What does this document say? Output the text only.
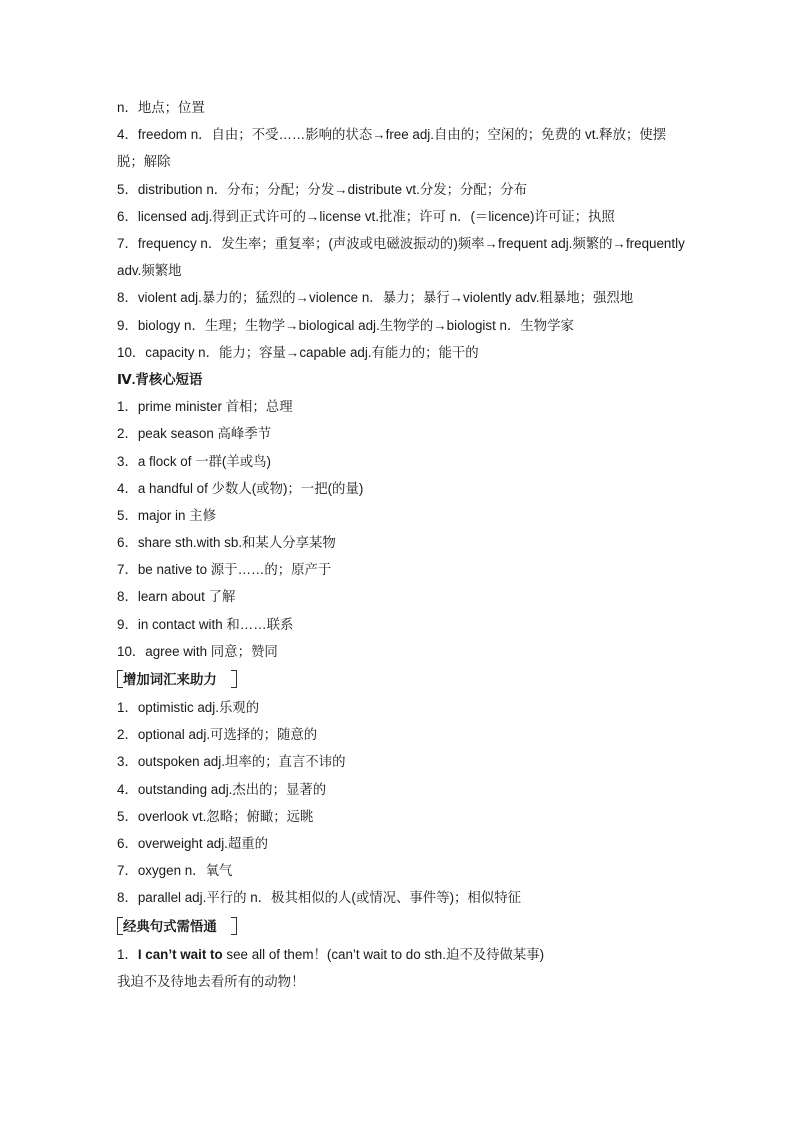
n．地点；位置
4．freedom n．自由；不受……影响的状态→free adj.自由的；空闲的；免费的 vt.释放；使摆脱；解除
5．distribution n．分布；分配；分发→distribute vt.分发；分配；分布
6．licensed adj.得到正式许可的→license vt.批准；许可 n．(＝licence)许可证；执照
7．frequency n．发生率；重复率；(声波或电磁波振动的)频率→frequent adj.频繁的→frequently adv.频繁地
8．violent adj.暴力的；猛烈的→violence n．暴力；暴行→violently adv.粗暴地；强烈地
9．biology n．生理；生物学→biological adj.生物学的→biologist n．生物学家
10．capacity n．能力；容量→capable adj.有能力的；能干的
Ⅳ.背核心短语
1．prime minister 首相；总理
2．peak season 高峰季节
3．a flock of 一群(羊或鸟)
4．a handful of 少数人(或物)；一把(的量)
5．major in 主修
6．share sth.with sb.和某人分享某物
7．be native to 源于……的；原产于
8．learn about 了解
9．in contact with 和……联系
10．agree with 同意；赞同
增加词汇来助力
1．optimistic adj.乐观的
2．optional adj.可选择的；随意的
3．outspoken adj.坦率的；直言不讳的
4．outstanding adj.杰出的；显著的
5．overlook vt.忽略；俯瞰；远眺
6．overweight adj.超重的
7．oxygen n．氧气
8．parallel adj.平行的 n．极其相似的人(或情况、事件等)；相似特征
经典句式需悟通
1．I can’t wait to see all of them！(can’t wait to do sth.迫不及待做某事)
我迫不及待地去看所有的动物！
